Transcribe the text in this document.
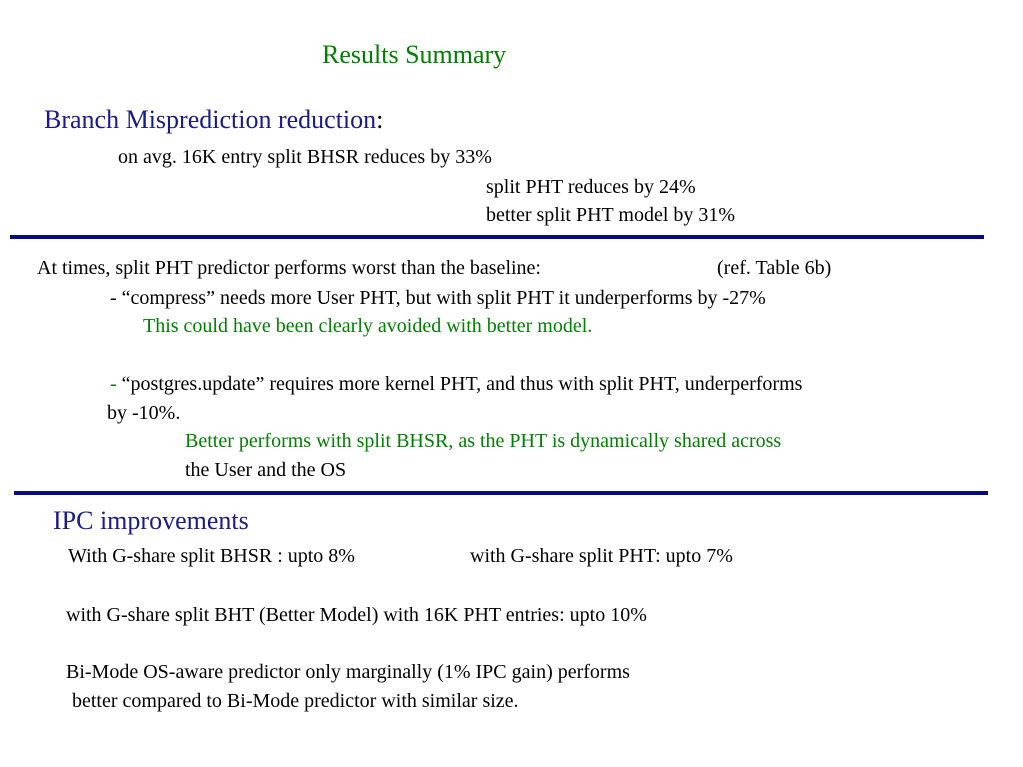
Results Summary
Branch Misprediction reduction:
on avg. 16K entry split BHSR reduces by 33%
split PHT reduces by 24%
better split PHT model by 31%
At times, split PHT predictor performs worst than the baseline:	(ref. Table 6b)
- “compress” needs more User PHT, but with split PHT it underperforms by -27%
This could have been clearly avoided with better model.
- “postgres.update” requires more kernel PHT, and thus with split PHT, underperforms
by -10%.
Better performs with split BHSR, as the PHT is dynamically shared across
the User and the OS
IPC improvements
With G-share split BHSR : upto 8%	with G-share split PHT: upto 7%
with G-share split BHT (Better Model) with 16K PHT entries: upto 10%
Bi-Mode OS-aware predictor only marginally (1% IPC gain) performs
better compared to Bi-Mode predictor with similar size.
